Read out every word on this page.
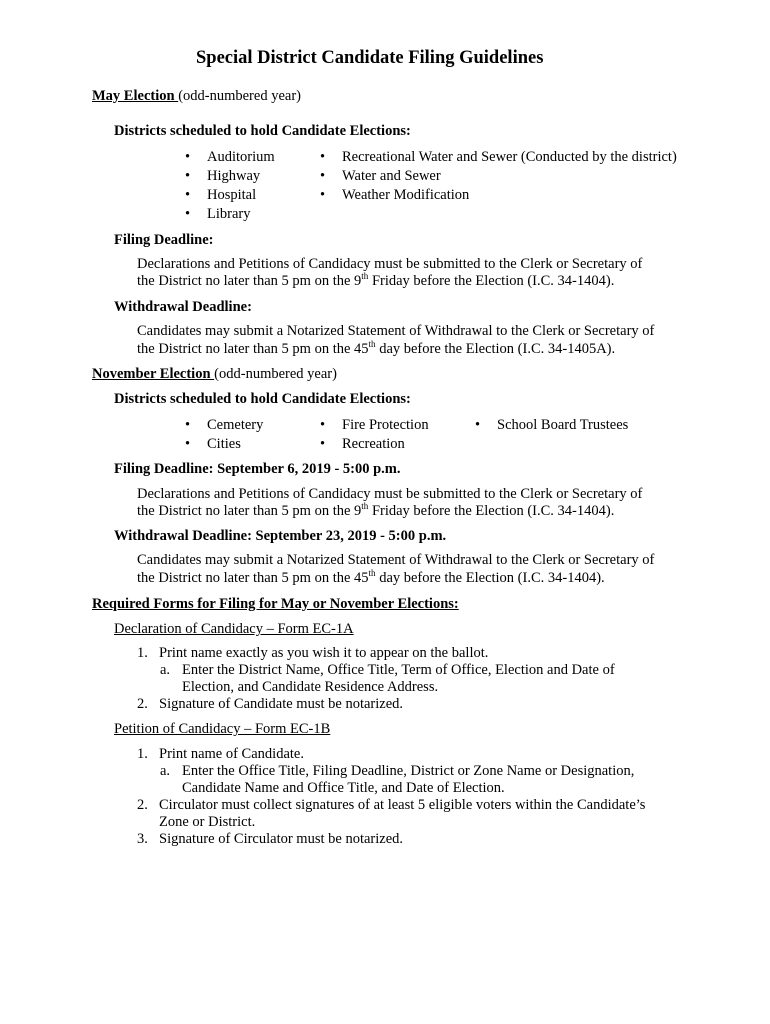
Special District Candidate Filing Guidelines
May Election (odd-numbered year)
Districts scheduled to hold Candidate Elections:
• Auditorium
• Highway
• Hospital
• Library
• Recreational Water and Sewer (Conducted by the district)
• Water and Sewer
• Weather Modification
Filing Deadline:
Declarations and Petitions of Candidacy must be submitted to the Clerk or Secretary of
the District no later than 5 pm on the 9th Friday before the Election (I.C. 34-1404).
Withdrawal Deadline:
Candidates may submit a Notarized Statement of Withdrawal to the Clerk or Secretary of
the District no later than 5 pm on the 45th day before the Election (I.C. 34-1405A).
November Election (odd-numbered year)
Districts scheduled to hold Candidate Elections:
• Cemetery
• Cities
• Fire Protection
• Recreation
• School Board Trustees
Filing Deadline: September 6, 2019 - 5:00 p.m.
Declarations and Petitions of Candidacy must be submitted to the Clerk or Secretary of
the District no later than 5 pm on the 9th Friday before the Election (I.C. 34-1404).
Withdrawal Deadline: September 23, 2019 - 5:00 p.m.
Candidates may submit a Notarized Statement of Withdrawal to the Clerk or Secretary of
the District no later than 5 pm on the 45th day before the Election (I.C. 34-1404).
Required Forms for Filing for May or November Elections:
Declaration of Candidacy – Form EC-1A
1. Print name exactly as you wish it to appear on the ballot.
a. Enter the District Name, Office Title, Term of Office, Election and Date of
Election, and Candidate Residence Address.
2. Signature of Candidate must be notarized.
Petition of Candidacy – Form EC-1B
1. Print name of Candidate.
a. Enter the Office Title, Filing Deadline, District or Zone Name or Designation,
Candidate Name and Office Title, and Date of Election.
2. Circulator must collect signatures of at least 5 eligible voters within the Candidate’s
Zone or District.
3. Signature of Circulator must be notarized.
